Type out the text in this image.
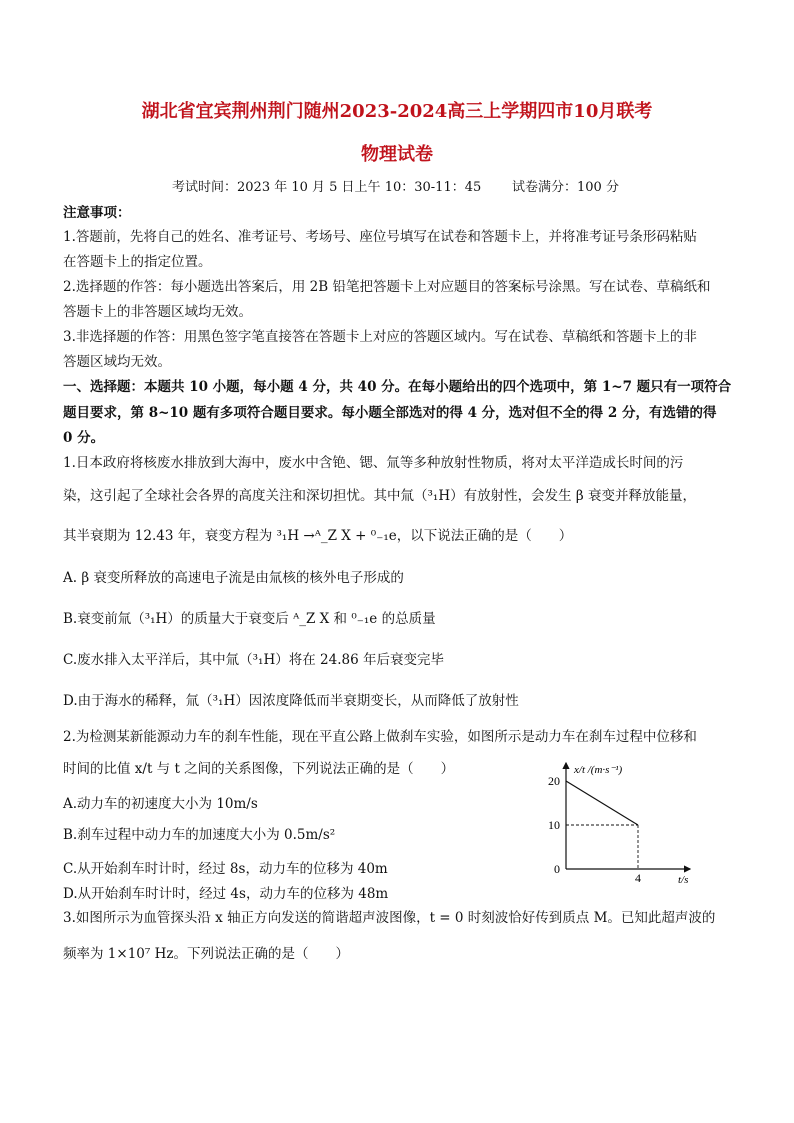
湖北省宜宾荆州荆门随州2023-2024高三上学期四市10月联考
物理试卷
考试时间：2023 年 10 月 5 日上午 10：30-11：45 试卷满分：100 分
注意事项：
1.答题前，先将自己的姓名、准考证号、考场号、座位号填写在试卷和答题卡上，并将准考证号条形码粘贴
在答题卡上的指定位置。
2.选择题的作答：每小题选出答案后，用 2B 铅笔把答题卡上对应题目的答案标号涂黑。写在试卷、草稿纸和
答题卡上的非答题区域均无效。
3.非选择题的作答：用黑色签字笔直接答在答题卡上对应的答题区域内。写在试卷、草稿纸和答题卡上的非
答题区域均无效。
一、选择题：本题共 10 小题，每小题 4 分，共 40 分。在每小题给出的四个选项中，第 1~7 题只有一项符合
题目要求，第 8~10 题有多项符合题目要求。每小题全部选对的得 4 分，选对但不全的得 2 分，有选错的得
0 分。
1.日本政府将核废水排放到大海中，废水中含铯、锶、氚等多种放射性物质，将对太平洋造成长时间的污
染，这引起了全球社会各界的高度关注和深切担忧。其中氚（³₁H）有放射性，会发生 β 衰变并释放能量，
其半衰期为 12.43 年，衰变方程为 ³₁H →ᴬ_Z X + ⁰₋₁e，以下说法正确的是（　　）
A. β 衰变所释放的高速电子流是由氚核的核外电子形成的
B.衰变前氚（³₁H）的质量大于衰变后 ᴬ_Z X 和 ⁰₋₁e 的总质量
C.废水排入太平洋后，其中氚（³₁H）将在 24.86 年后衰变完毕
D.由于海水的稀释，氚（³₁H）因浓度降低而半衰期变长，从而降低了放射性
2.为检测某新能源动力车的刹车性能，现在平直公路上做刹车实验，如图所示是动力车在刹车过程中位移和
时间的比值 x/t 与 t 之间的关系图像，下列说法正确的是（　　）
A.动力车的初速度大小为 10m/s
B.刹车过程中动力车的加速度大小为 0.5m/s²
C.从开始刹车时计时，经过 8s，动力车的位移为 40m
D.从开始刹车时计时，经过 4s，动力车的位移为 48m
20
10
0
4
x/t /(m·s⁻¹)
t/s
3.如图所示为血管探头沿 x 轴正方向发送的简谐超声波图像，t = 0 时刻波恰好传到质点 M。已知此超声波的
频率为 1×10⁷ Hz。下列说法正确的是（　　）
